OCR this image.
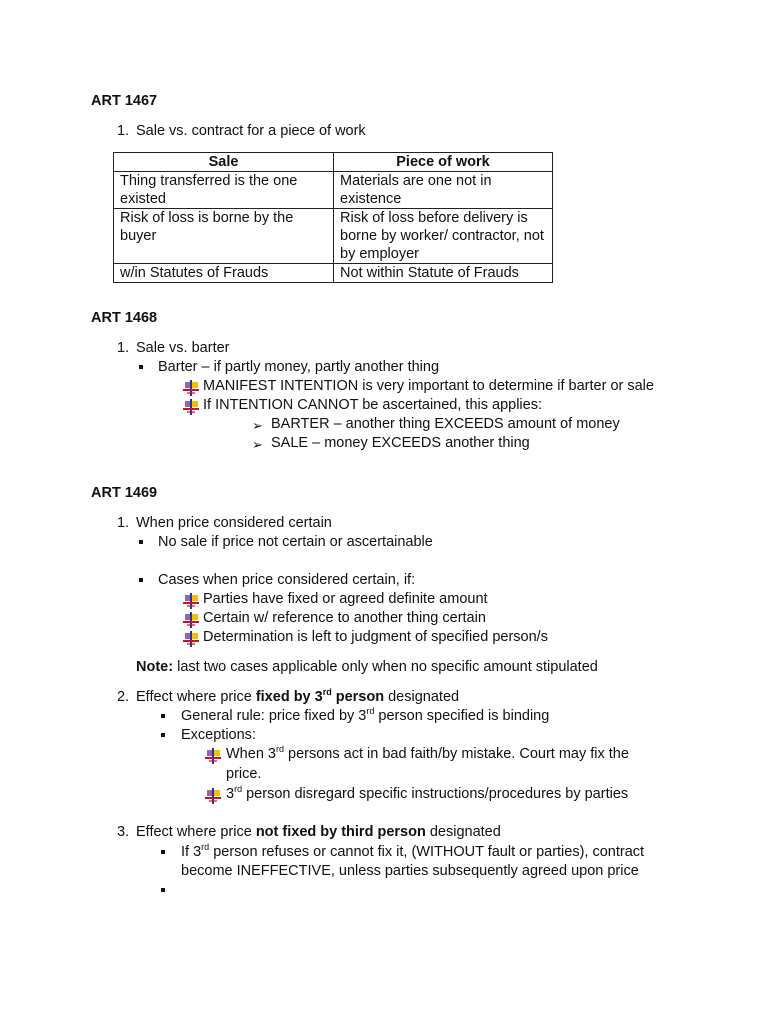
ART 1467
1. Sale vs. contract for a piece of work
Sale	Piece of work
Thing transferred is the one existed	Materials are one not in existence
Risk of loss is borne by the buyer	Risk of loss before delivery is borne by worker/ contractor, not by employer
w/in Statutes of Frauds	Not within Statute of Frauds
ART 1468
1. Sale vs. barter
Barter – if partly money, partly another thing
MANIFEST INTENTION is very important to determine if barter or sale
If INTENTION CANNOT be ascertained, this applies:
➢ BARTER – another thing EXCEEDS amount of money
➢ SALE – money EXCEEDS another thing
ART 1469
1. When price considered certain
No sale if price not certain or ascertainable
Cases when price considered certain, if:
Parties have fixed or agreed definite amount
Certain w/ reference to another thing certain
Determination is left to judgment of specified person/s
Note: last two cases applicable only when no specific amount stipulated
2. Effect where price fixed by 3rd person designated
General rule: price fixed by 3rd person specified is binding
Exceptions:
When 3rd persons act in bad faith/by mistake. Court may fix the
price.
3rd person disregard specific instructions/procedures by parties
3. Effect where price not fixed by third person designated
If 3rd person refuses or cannot fix it, (WITHOUT fault or parties), contract
become INEFFECTIVE, unless parties subsequently agreed upon price
